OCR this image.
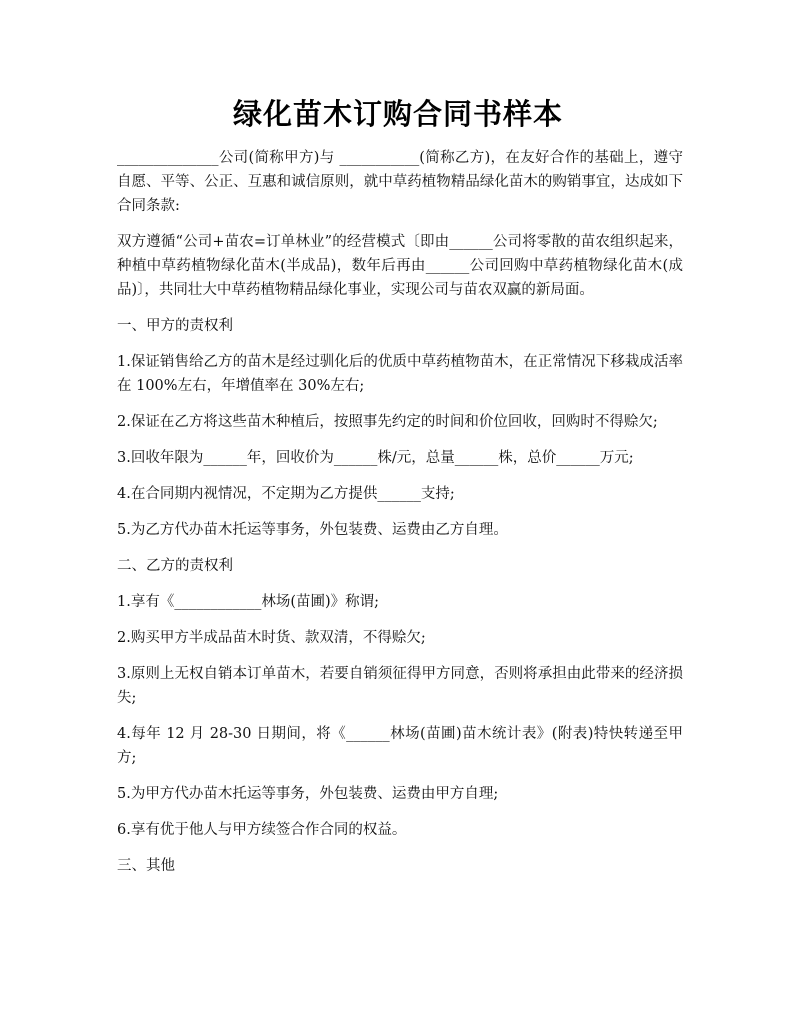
绿化苗木订购合同书样本

______________公司(简称甲方)与 ___________(简称乙方)，在友好合作的基础上，遵守自愿、平等、公正、互惠和诚信原则，就中草药植物精品绿化苗木的购销事宜，达成如下合同条款:

双方遵循“公司+苗农=订单林业”的经营模式〔即由______公司将零散的苗农组织起来，种植中草药植物绿化苗木(半成品)，数年后再由______公司回购中草药植物绿化苗木(成品)〕，共同壮大中草药植物精品绿化事业，实现公司与苗农双赢的新局面。

一、甲方的责权利

1.保证销售给乙方的苗木是经过驯化后的优质中草药植物苗木，在正常情况下移栽成活率在 100%左右，年增值率在 30%左右;

2.保证在乙方将这些苗木种植后，按照事先约定的时间和价位回收，回购时不得赊欠;

3.回收年限为______年，回收价为______株/元，总量______株，总价______万元;

4.在合同期内视情况，不定期为乙方提供______支持;

5.为乙方代办苗木托运等事务，外包装费、运费由乙方自理。

二、乙方的责权利

1.享有《____________林场(苗圃)》称谓;

2.购买甲方半成品苗木时货、款双清，不得赊欠;

3.原则上无权自销本订单苗木，若要自销须征得甲方同意，否则将承担由此带来的经济损失;

4.每年 12 月 28-30 日期间，将《______林场(苗圃)苗木统计表》(附表)特快转递至甲方;

5.为甲方代办苗木托运等事务，外包装费、运费由甲方自理;

6.享有优于他人与甲方续签合作合同的权益。

三、其他
